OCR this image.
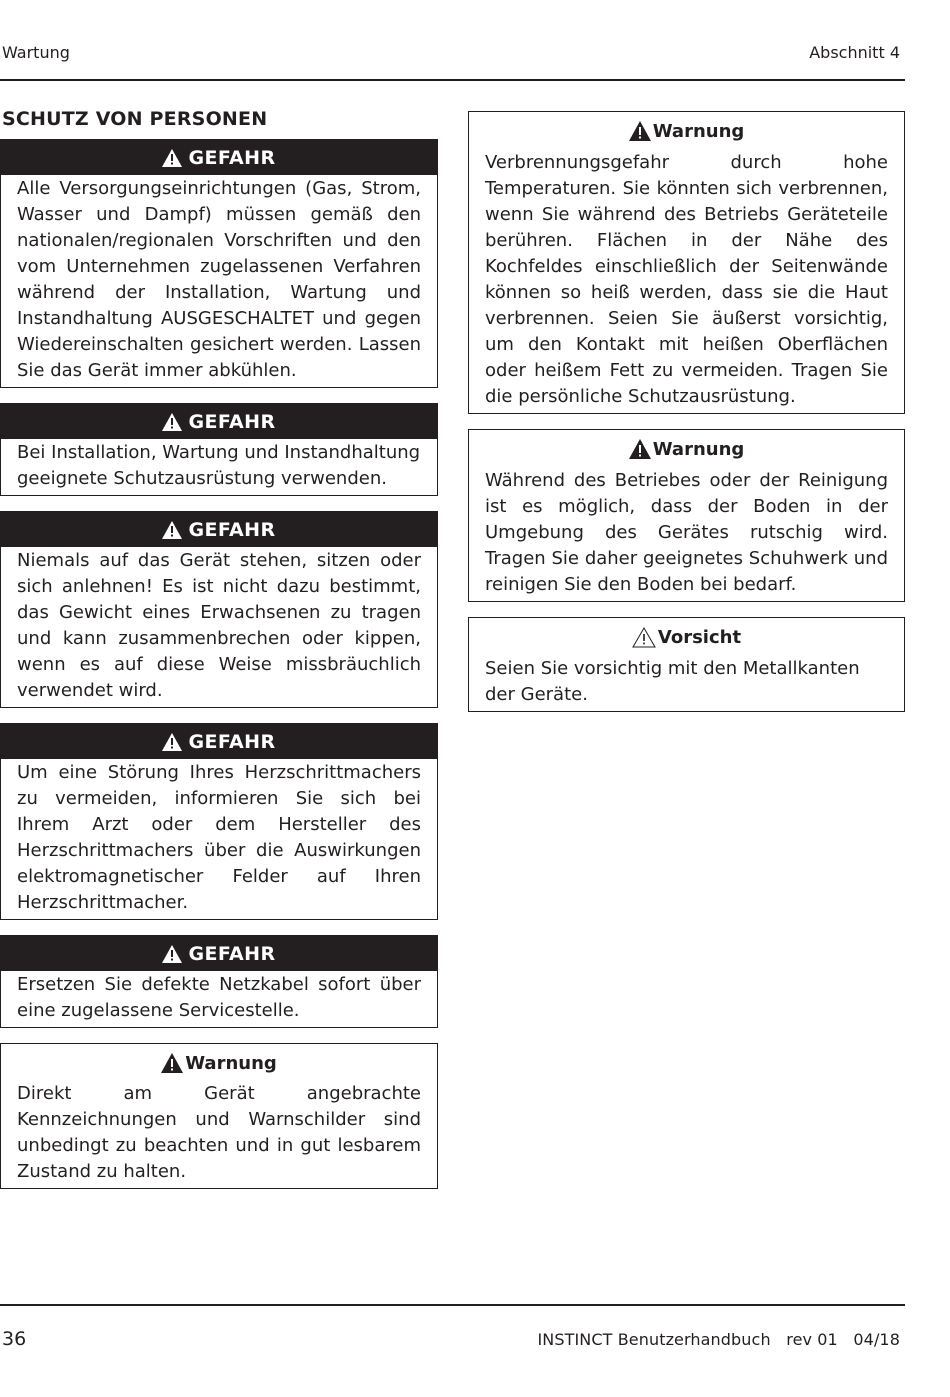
Wartung	Abschnitt 4
SCHUTZ VON PERSONEN
GEFAHR
Alle Versorgungseinrichtungen (Gas, Strom, Wasser und Dampf) müssen gemäß den nationalen/regionalen Vorschriften und den vom Unternehmen zugelassenen Verfahren während der Installation, Wartung und Instandhaltung AUSGESCHALTET und gegen Wiedereinschalten gesichert werden. Lassen Sie das Gerät immer abkühlen.
GEFAHR
Bei Installation, Wartung und Instandhaltung geeignete Schutzausrüstung verwenden.
GEFAHR
Niemals auf das Gerät stehen, sitzen oder sich anlehnen! Es ist nicht dazu bestimmt, das Gewicht eines Erwachsenen zu tragen und kann zusammenbrechen oder kippen, wenn es auf diese Weise missbräuchlich verwendet wird.
GEFAHR
Um eine Störung Ihres Herzschrittmachers zu vermeiden, informieren Sie sich bei Ihrem Arzt oder dem Hersteller des Herzschrittmachers über die Auswirkungen elektromagnetischer Felder auf Ihren Herzschrittmacher.
GEFAHR
Ersetzen Sie defekte Netzkabel sofort über eine zugelassene Servicestelle.
Warnung
Direkt am Gerät angebrachte Kennzeichnungen und Warnschilder sind unbedingt zu beachten und in gut lesbarem Zustand zu halten.
Warnung
Verbrennungsgefahr durch hohe Temperaturen. Sie könnten sich verbrennen, wenn Sie während des Betriebs Geräteteile berühren. Flächen in der Nähe des Kochfeldes einschließlich der Seitenwände können so heiß werden, dass sie die Haut verbrennen. Seien Sie äußerst vorsichtig, um den Kontakt mit heißen Oberflächen oder heißem Fett zu vermeiden. Tragen Sie die persönliche Schutzausrüstung.
Warnung
Während des Betriebes oder der Reinigung ist es möglich, dass der Boden in der Umgebung des Gerätes rutschig wird. Tragen Sie daher geeignetes Schuhwerk und reinigen Sie den Boden bei bedarf.
Vorsicht
Seien Sie vorsichtig mit den Metallkanten der Geräte.
36	INSTINCT Benutzerhandbuch   rev 01   04/18
